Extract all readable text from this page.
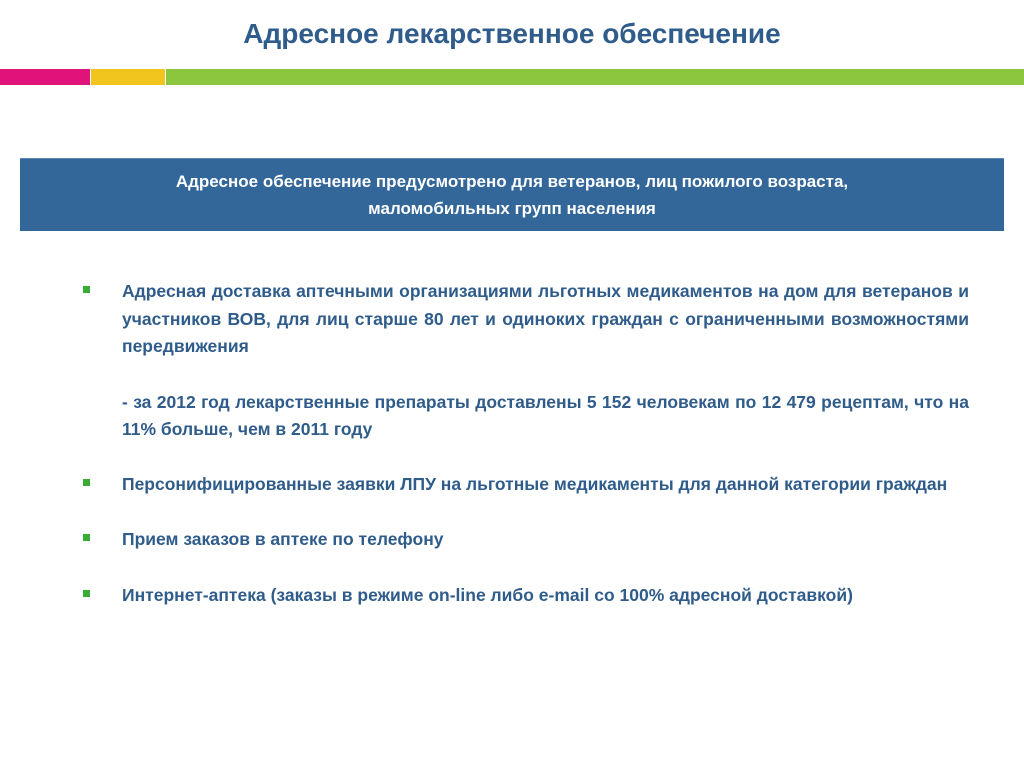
Адресное лекарственное обеспечение
Адресное обеспечение предусмотрено для ветеранов, лиц пожилого возраста,
маломобильных групп населения
Адресная доставка аптечными организациями льготных медикаментов на дом для ветеранов и участников ВОВ, для лиц старше 80 лет и одиноких граждан с ограниченными возможностями передвижения
- за 2012 год лекарственные препараты доставлены 5 152 человекам по 12 479 рецептам, что на 11% больше, чем в 2011 году
Персонифицированные заявки ЛПУ на льготные медикаменты для данной категории граждан
Прием заказов в аптеке по телефону
Интернет-аптека (заказы в режиме on-line либо e-mail со 100% адресной доставкой)
